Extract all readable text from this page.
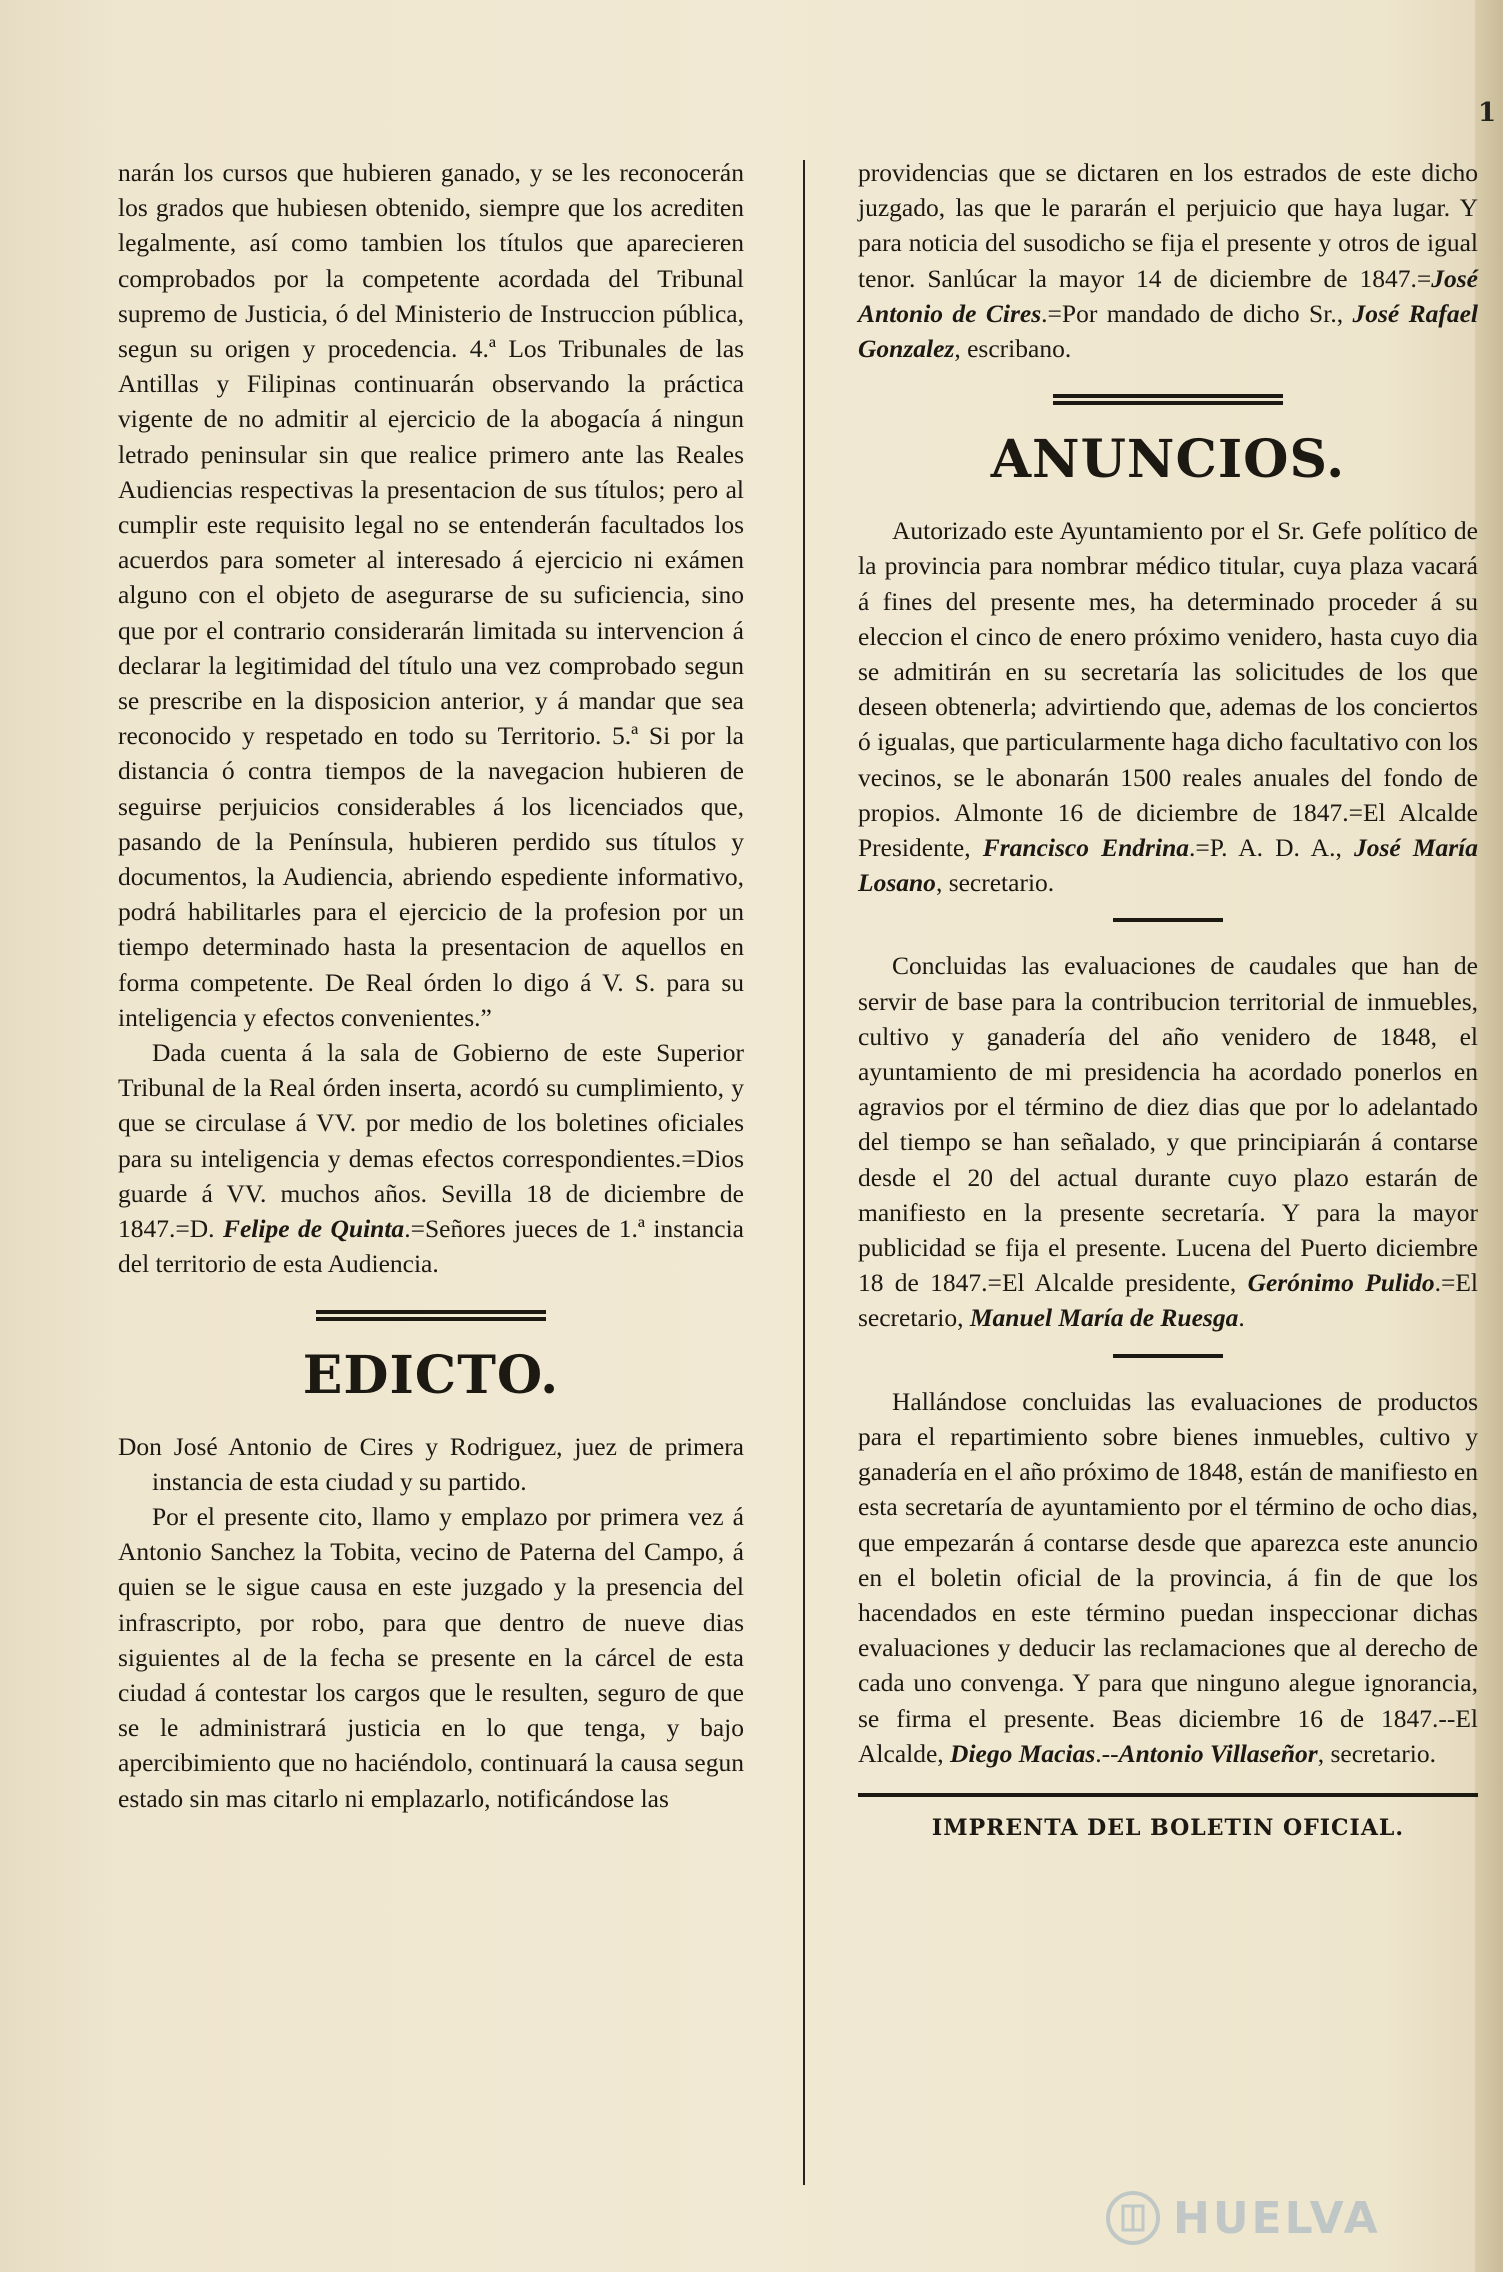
1

narán los cursos que hubieren ganado, y se les reconocerán los grados que hubiesen obtenido, siempre que los acrediten legalmente, así como tambien los títulos que aparecieren comprobados por la competente acordada del Tribunal supremo de Justicia, ó del Ministerio de Instruccion pública, segun su origen y procedencia. 4.ª Los Tribunales de las Antillas y Filipinas continuarán observando la práctica vigente de no admitir al ejercicio de la abogacía á ningun letrado peninsular sin que realice primero ante las Reales Audiencias respectivas la presentacion de sus títulos; pero al cumplir este requisito legal no se entenderán facultados los acuerdos para someter al interesado á ejercicio ni exámen alguno con el objeto de asegurarse de su suficiencia, sino que por el contrario considerarán limitada su intervencion á declarar la legitimidad del título una vez comprobado segun se prescribe en la disposicion anterior, y á mandar que sea reconocido y respetado en todo su Territorio. 5.ª Si por la distancia ó contra tiempos de la navegacion hubieren de seguirse perjuicios considerables á los licenciados que, pasando de la Península, hubieren perdido sus títulos y documentos, la Audiencia, abriendo espediente informativo, podrá habilitarles para el ejercicio de la profesion por un tiempo determinado hasta la presentacion de aquellos en forma competente. De Real órden lo digo á V. S. para su inteligencia y efectos convenientes.”

Dada cuenta á la sala de Gobierno de este Superior Tribunal de la Real órden inserta, acordó su cumplimiento, y que se circulase á VV. por medio de los boletines oficiales para su inteligencia y demas efectos correspondientes.=Dios guarde á VV. muchos años. Sevilla 18 de diciembre de 1847.=D. Felipe de Quinta.=Señores jueces de 1.ª instancia del territorio de esta Audiencia.

EDICTO.

Don José Antonio de Cires y Rodriguez, juez de primera instancia de esta ciudad y su partido.

Por el presente cito, llamo y emplazo por primera vez á Antonio Sanchez la Tobita, vecino de Paterna del Campo, á quien se le sigue causa en este juzgado y la presencia del infrascripto, por robo, para que dentro de nueve dias siguientes al de la fecha se presente en la cárcel de esta ciudad á contestar los cargos que le resulten, seguro de que se le administrará justicia en lo que tenga, y bajo apercibimiento que no haciéndolo, continuará la causa segun estado sin mas citarlo ni emplazarlo, notificándose las

providencias que se dictaren en los estrados de este dicho juzgado, las que le pararán el perjuicio que haya lugar. Y para noticia del susodicho se fija el presente y otros de igual tenor. Sanlúcar la mayor 14 de diciembre de 1847.=José Antonio de Cires.=Por mandado de dicho Sr., José Rafael Gonzalez, escribano.

ANUNCIOS.

Autorizado este Ayuntamiento por el Sr. Gefe político de la provincia para nombrar médico titular, cuya plaza vacará á fines del presente mes, ha determinado proceder á su eleccion el cinco de enero próximo venidero, hasta cuyo dia se admitirán en su secretaría las solicitudes de los que deseen obtenerla; advirtiendo que, ademas de los conciertos ó igualas, que particularmente haga dicho facultativo con los vecinos, se le abonarán 1500 reales anuales del fondo de propios. Almonte 16 de diciembre de 1847.=El Alcalde Presidente, Francisco Endrina.=P. A. D. A., José María Losano, secretario.

Concluidas las evaluaciones de caudales que han de servir de base para la contribucion territorial de inmuebles, cultivo y ganadería del año venidero de 1848, el ayuntamiento de mi presidencia ha acordado ponerlos en agravios por el término de diez dias que por lo adelantado del tiempo se han señalado, y que principiarán á contarse desde el 20 del actual durante cuyo plazo estarán de manifiesto en la presente secretaría. Y para la mayor publicidad se fija el presente. Lucena del Puerto diciembre 18 de 1847.=El Alcalde presidente, Gerónimo Pulido.=El secretario, Manuel María de Ruesga.

Hallándose concluidas las evaluaciones de productos para el repartimiento sobre bienes inmuebles, cultivo y ganadería en el año próximo de 1848, están de manifiesto en esta secretaría de ayuntamiento por el término de ocho dias, que empezarán á contarse desde que aparezca este anuncio en el boletin oficial de la provincia, á fin de que los hacendados en este término puedan inspeccionar dichas evaluaciones y deducir las reclamaciones que al derecho de cada uno convenga. Y para que ninguno alegue ignorancia, se firma el presente. Beas diciembre 16 de 1847.--El Alcalde, Diego Macias.--Antonio Villaseñor, secretario.

IMPRENTA DEL BOLETIN OFICIAL.
HUELVA
